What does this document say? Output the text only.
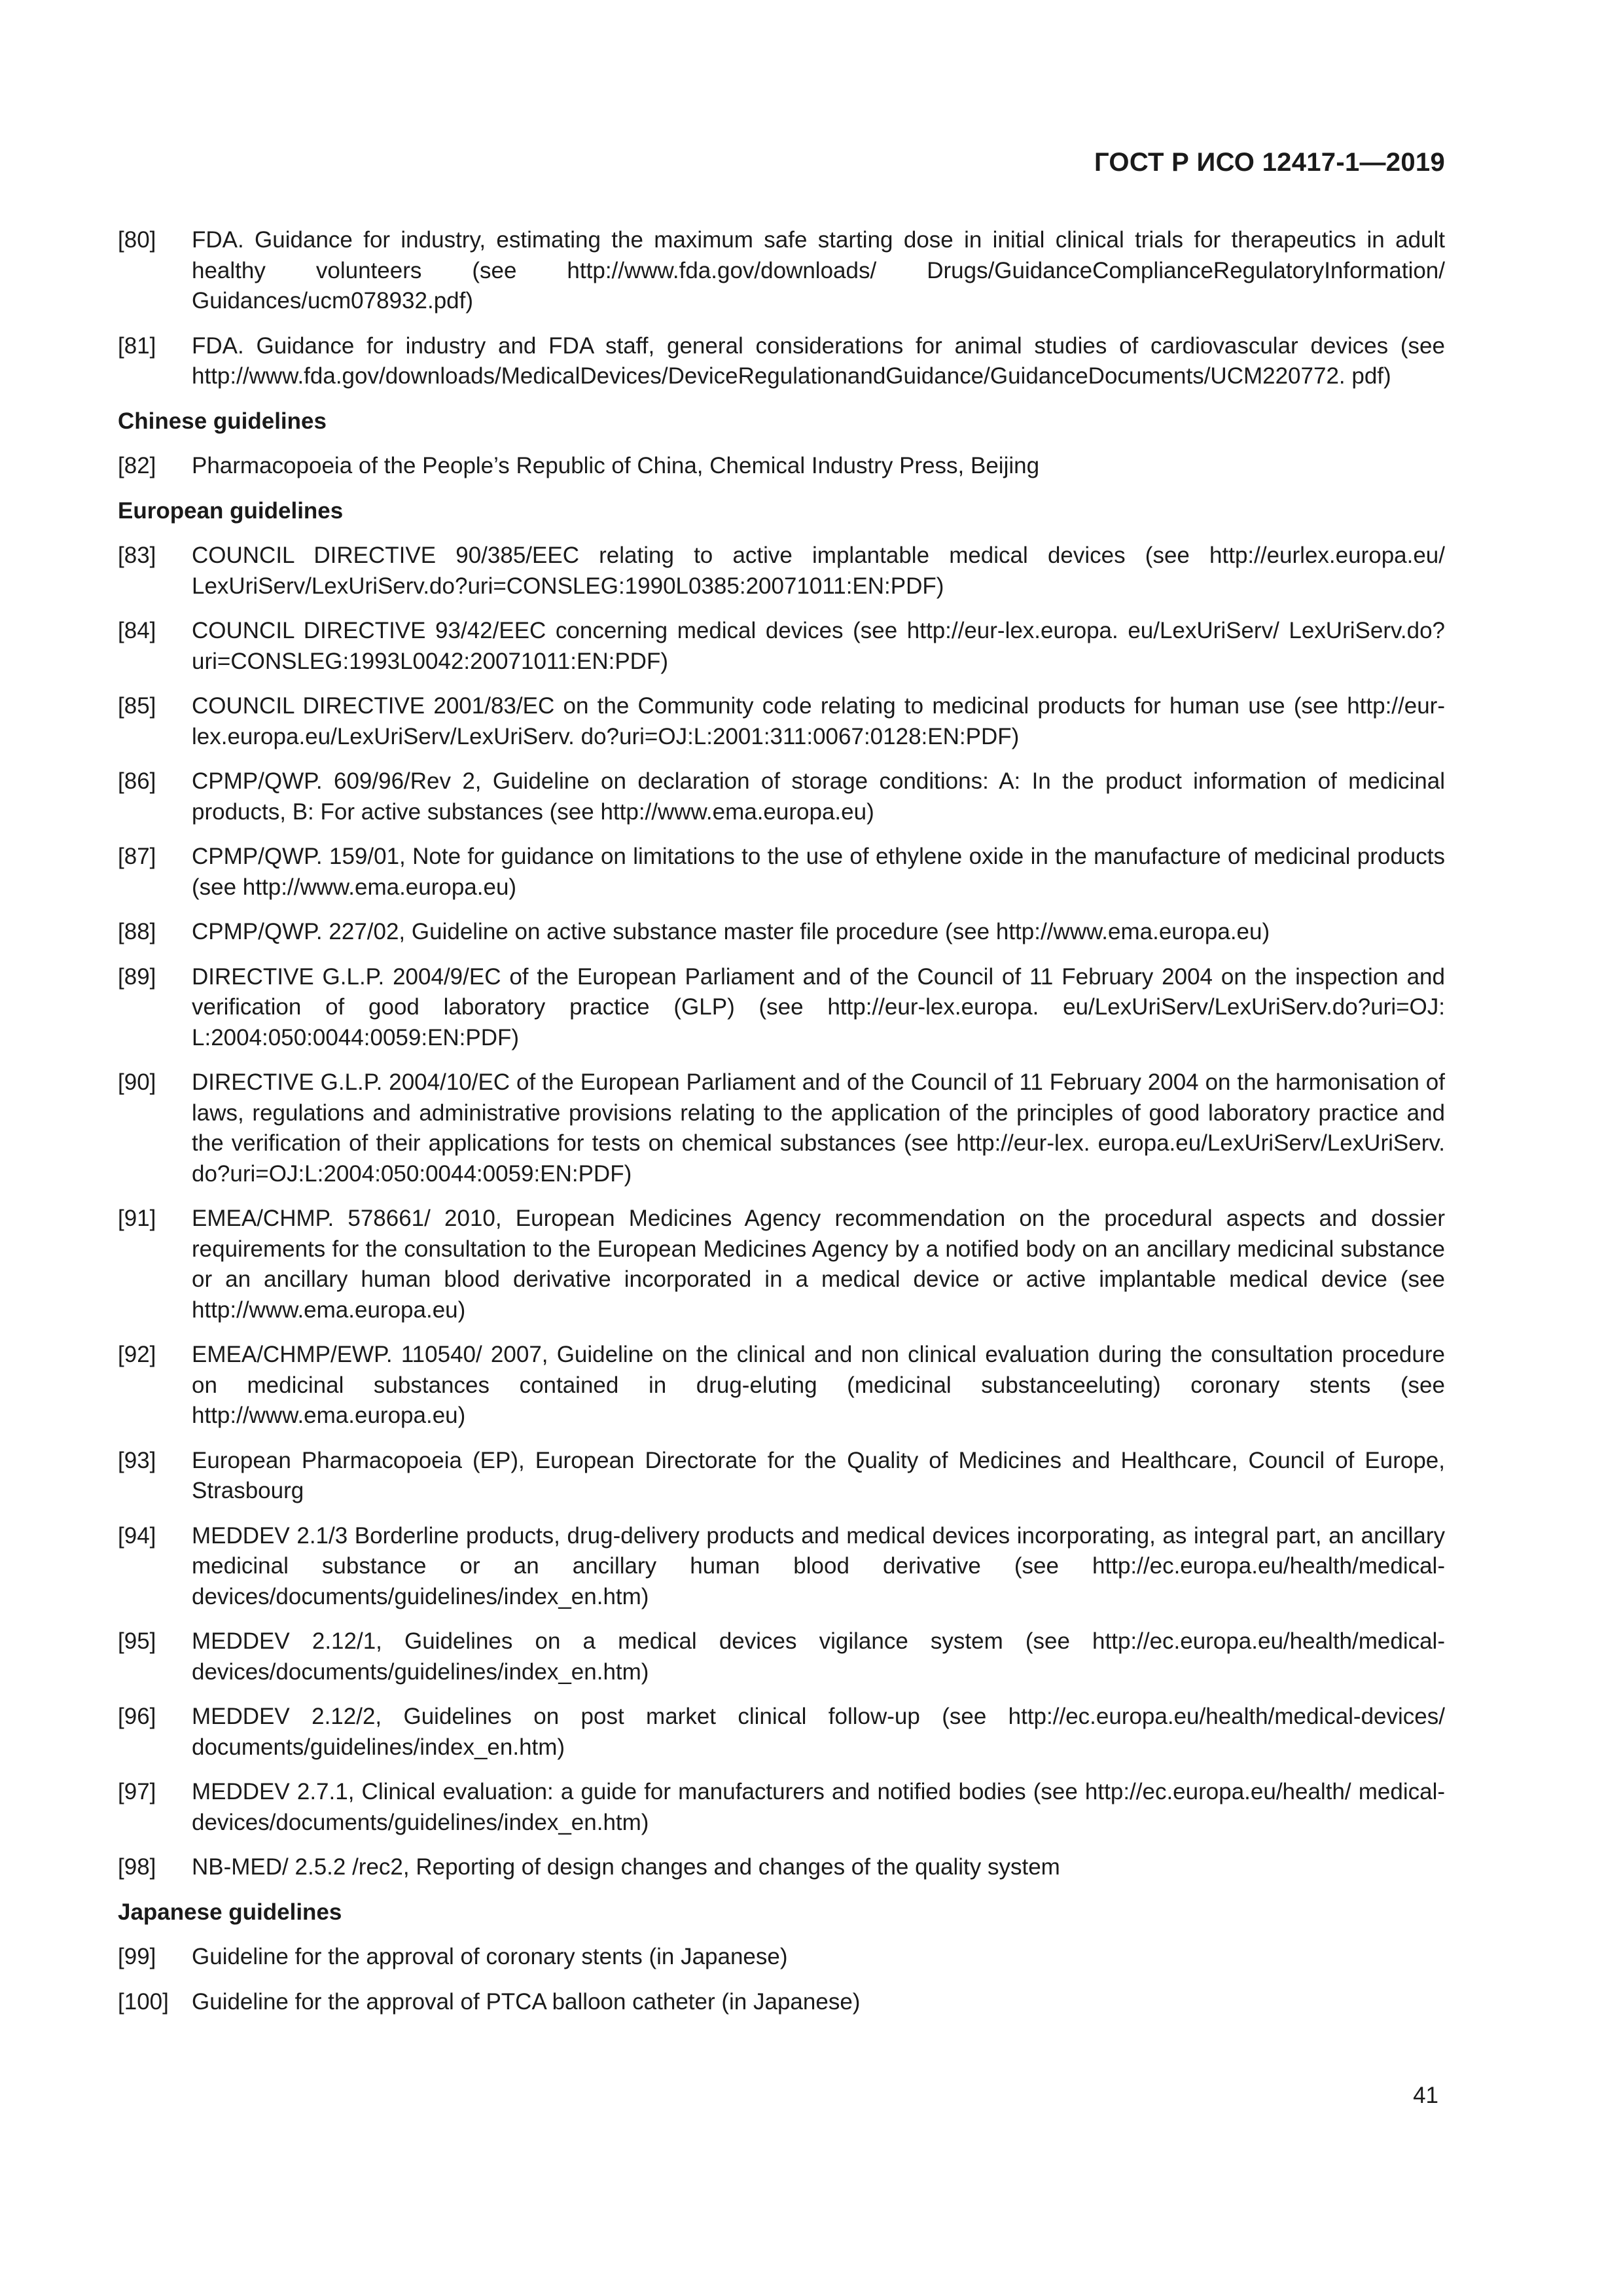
ГОСТ Р ИСО 12417-1—2019
[80]	FDA. Guidance for industry, estimating the maximum safe starting dose in initial clinical trials for therapeutics in adult healthy volunteers (see http://www.fda.gov/downloads/ Drugs/GuidanceComplianceRegulatoryInformation/ Guidances/ucm078932.pdf)
[81]	FDA. Guidance for industry and FDA staff, general considerations for animal studies of cardiovascular devices (see http://www.fda.gov/downloads/MedicalDevices/DeviceRegulationandGuidance/GuidanceDocuments/UCM220772. pdf)
Chinese guidelines
[82]	Pharmacopoeia of the People’s Republic of China, Chemical Industry Press, Beijing
European guidelines
[83]	COUNCIL DIRECTIVE 90/385/EEC relating to active implantable medical devices (see http://eurlex.europa.eu/ LexUriServ/LexUriServ.do?uri=CONSLEG:1990L0385:20071011:EN:PDF)
[84]	COUNCIL DIRECTIVE 93/42/EEC concerning medical devices (see http://eur-lex.europa. eu/LexUriServ/ LexUriServ.do?uri=CONSLEG:1993L0042:20071011:EN:PDF)
[85]	COUNCIL DIRECTIVE 2001/83/EC on the Community code relating to medicinal products for human use (see http://eur-lex.europa.eu/LexUriServ/LexUriServ. do?uri=OJ:L:2001:311:0067:0128:EN:PDF)
[86]	CPMP/QWP. 609/96/Rev 2, Guideline on declaration of storage conditions: A: In the product information of medicinal products, B: For active substances (see http://www.ema.europa.eu)
[87]	CPMP/QWP. 159/01, Note for guidance on limitations to the use of ethylene oxide in the manufacture of medicinal products (see http://www.ema.europa.eu)
[88]	CPMP/QWP. 227/02, Guideline on active substance master file procedure (see http://www.ema.europa.eu)
[89]	DIRECTIVE G.L.P. 2004/9/EC of the European Parliament and of the Council of 11 February 2004 on the inspection and verification of good laboratory practice (GLP) (see http://eur-lex.europa. eu/LexUriServ/LexUriServ.do?uri=OJ: L:2004:050:0044:0059:EN:PDF)
[90]	DIRECTIVE G.L.P. 2004/10/EC of the European Parliament and of the Council of 11 February 2004 on the harmonisation of laws, regulations and administrative provisions relating to the application of the principles of good laboratory practice and the verification of their applications for tests on chemical substances (see http://eur-lex. europa.eu/LexUriServ/LexUriServ. do?uri=OJ:L:2004:050:0044:0059:EN:PDF)
[91]	EMEA/CHMP. 578661/ 2010, European Medicines Agency recommendation on the procedural aspects and dossier requirements for the consultation to the European Medicines Agency by a notified body on an ancillary medicinal substance or an ancillary human blood derivative incorporated in a medical device or active implantable medical device (see http://www.ema.europa.eu)
[92]	EMEA/CHMP/EWP. 110540/ 2007, Guideline on the clinical and non clinical evaluation during the consultation procedure on medicinal substances contained in drug-eluting (medicinal substanceeluting) coronary stents (see http://www.ema.europa.eu)
[93]	European Pharmacopoeia (EP), European Directorate for the Quality of Medicines and Healthcare, Council of Europe, Strasbourg
[94]	MEDDEV 2.1/3 Borderline products, drug-delivery products and medical devices incorporating, as integral part, an ancillary medicinal substance or an ancillary human blood derivative (see http://ec.europa.eu/health/medical-devices/documents/guidelines/index_en.htm)
[95]	MEDDEV 2.12/1, Guidelines on a medical devices vigilance system (see http://ec.europa.eu/health/medical-devices/documents/guidelines/index_en.htm)
[96]	MEDDEV 2.12/2, Guidelines on post market clinical follow-up (see http://ec.europa.eu/health/medical-devices/ documents/guidelines/index_en.htm)
[97]	MEDDEV 2.7.1, Clinical evaluation: a guide for manufacturers and notified bodies (see http://ec.europa.eu/health/ medical-devices/documents/guidelines/index_en.htm)
[98]	NB-MED/ 2.5.2 /rec2, Reporting of design changes and changes of the quality system
Japanese guidelines
[99]	Guideline for the approval of coronary stents (in Japanese)
[100]	Guideline for the approval of PTCA balloon catheter (in Japanese)
41
